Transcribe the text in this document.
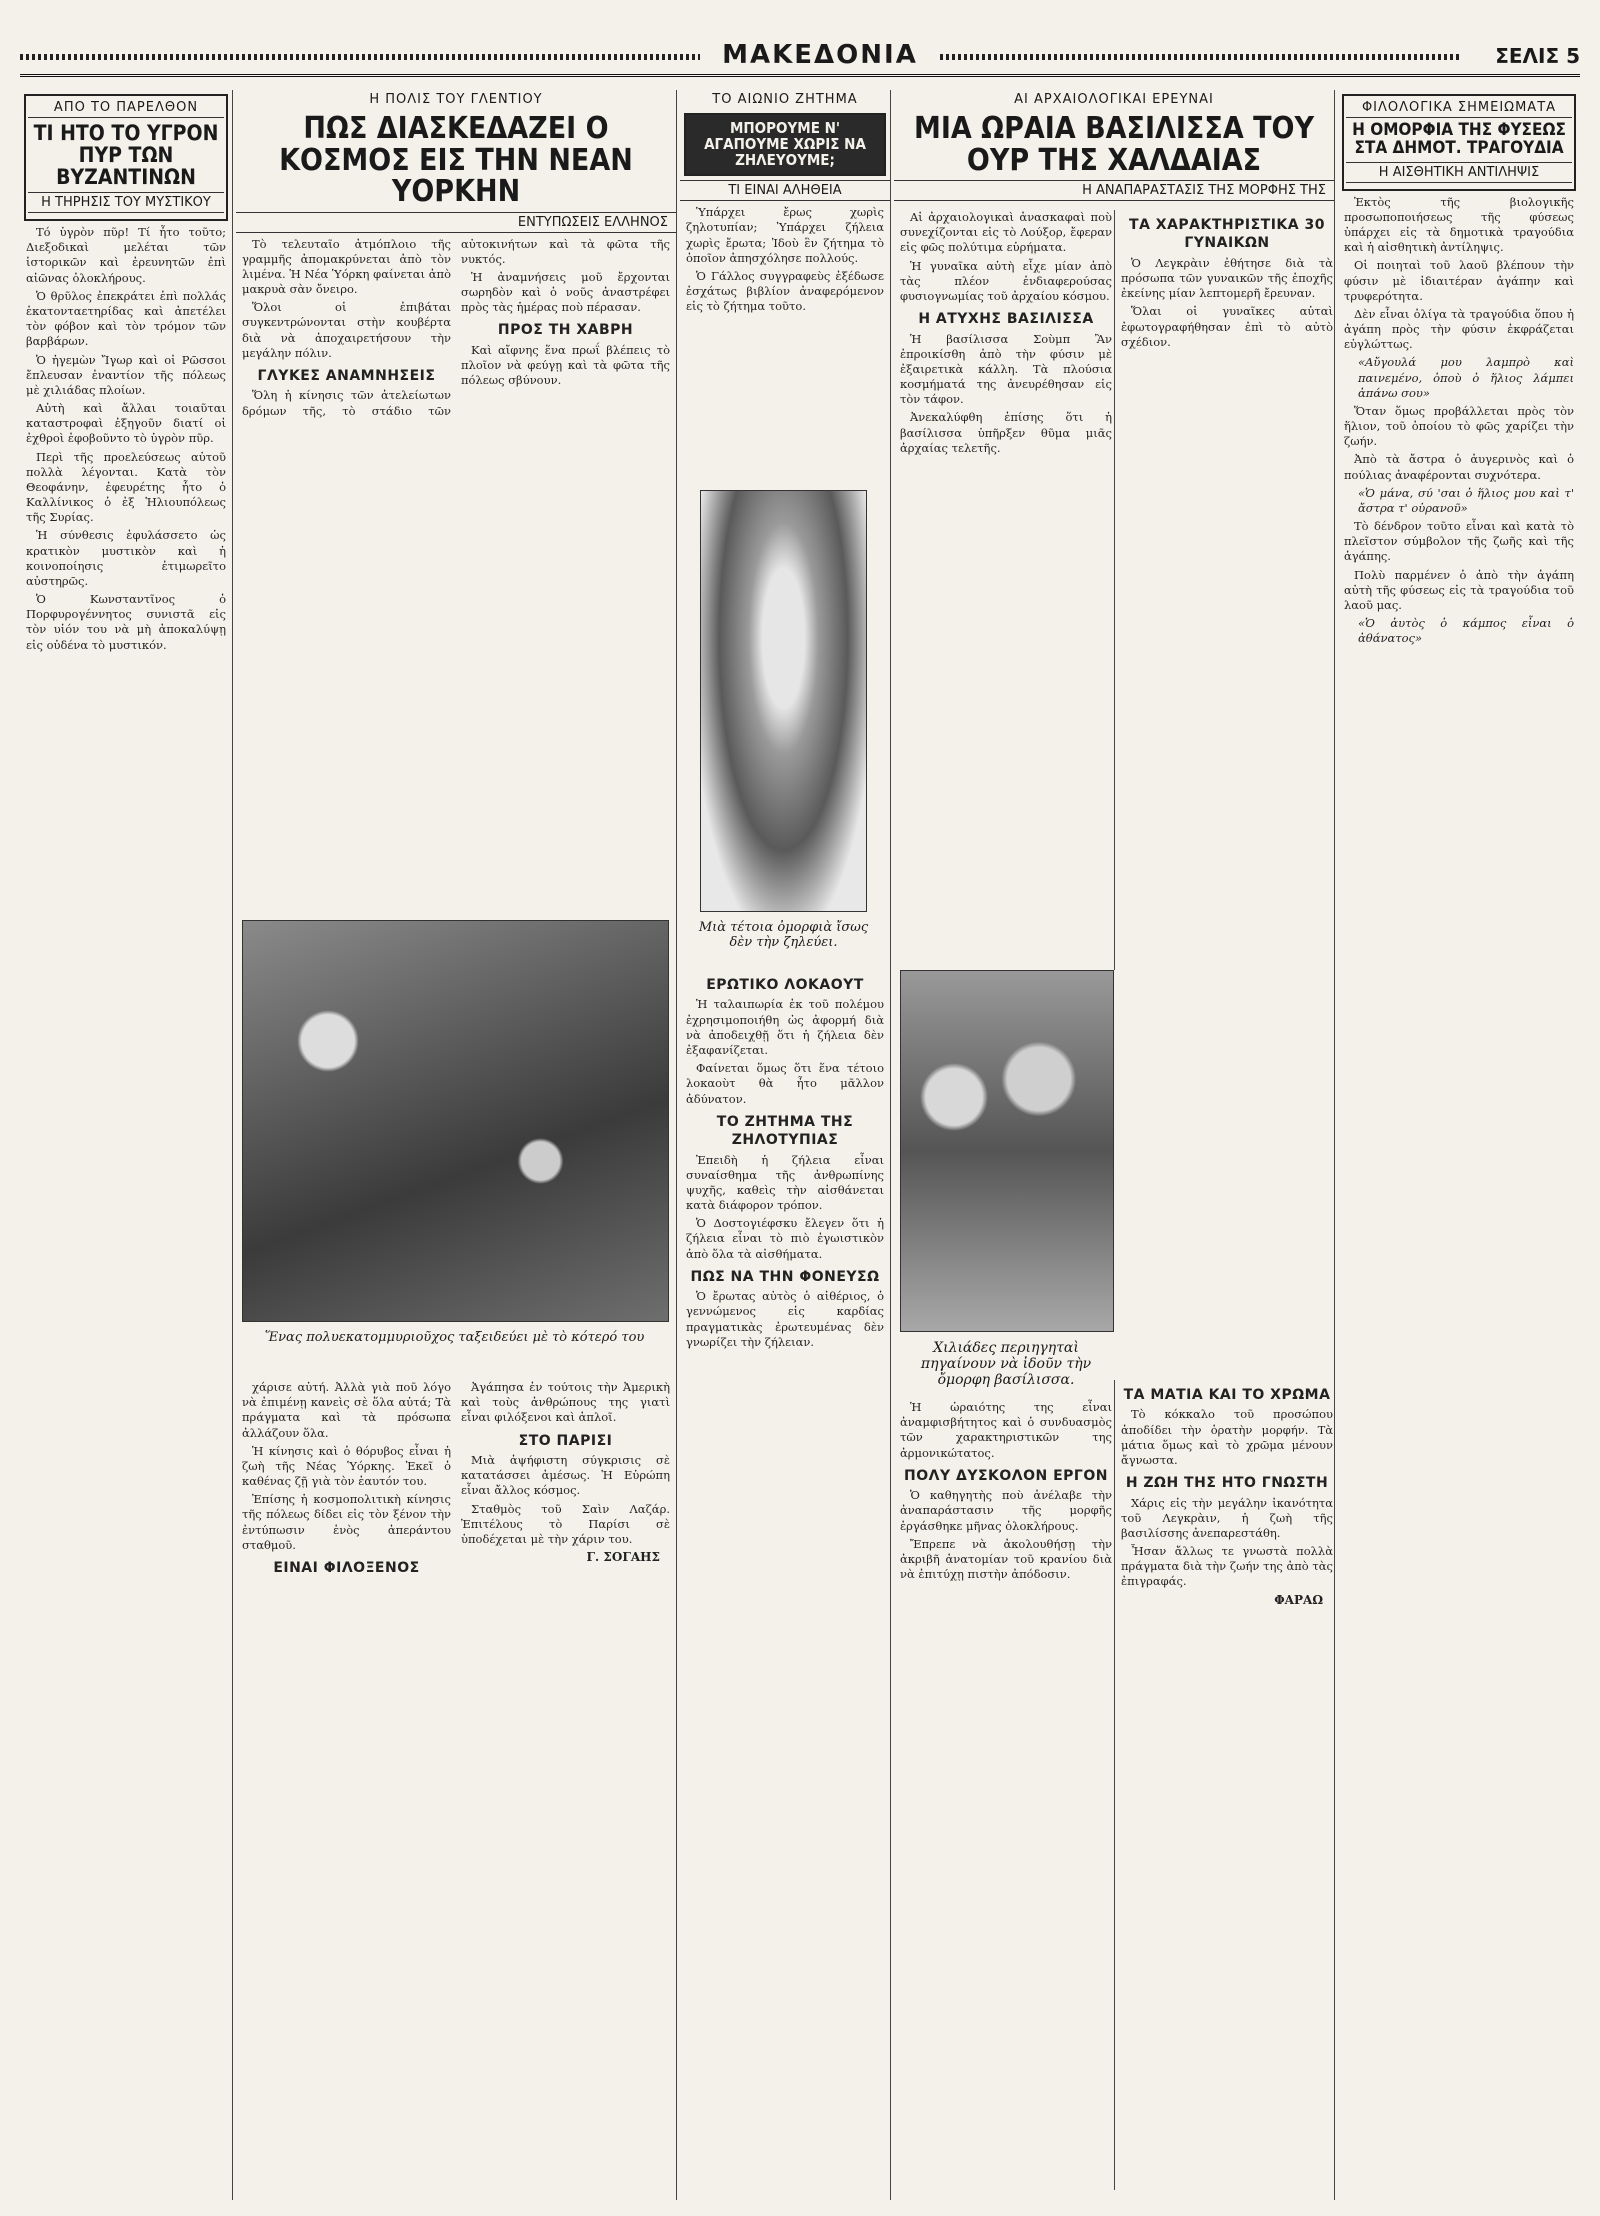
ΜΑΚΕΔΟΝΙΑ	ΣΕΛΙΣ 5
ΑΠΟ ΤΟ ΠΑΡΕΛΘΟΝ
ΤΙ ΗΤΟ ΤΟ ΥΓΡΟΝ ΠΥΡ ΤΩΝ ΒΥΖΑΝΤΙΝΩΝ
Η ΤΗΡΗΣΙΣ ΤΟΥ ΜΥΣΤΙΚΟΥ

Τό ὑγρὸν πῦρ! Τί ἦτο τοῦτο; Διεξοδικαὶ μελέται τῶν ἱστορικῶν καὶ ἐρευνητῶν ἐπὶ αἰῶνας ὁλοκλήρους.

Ὁ θρῦλος ἐπεκράτει ἐπὶ πολλάς ἑκατονταετηρίδας καὶ ἀπετέλει τὸν φόβον καὶ τὸν τρόμον τῶν βαρβάρων.

Ὁ ἡγεμὼν Ἴγωρ καὶ οἱ Ρῶσσοι ἔπλευσαν ἐναντίον τῆς πόλεως μὲ χιλιάδας πλοίων.

Αὐτὴ καὶ ἄλλαι τοιαῦται καταστροφαὶ ἐξηγοῦν διατί οἱ ἐχθροὶ ἐφοβοῦντο τὸ ὑγρὸν πῦρ.

Περὶ τῆς προελεύσεως αὐτοῦ πολλὰ λέγονται. Κατὰ τὸν Θεοφάνην, ἐφευρέτης ἦτο ὁ Καλλίνικος ὁ ἐξ Ἡλιουπόλεως τῆς Συρίας.

Ἡ σύνθεσις ἐφυλάσσετο ὡς κρατικὸν μυστικὸν καὶ ἡ κοινοποίησις ἐτιμωρεῖτο αὐστηρῶς.

Ὁ Κωνσταντῖνος ὁ Πορφυρογέννητος συνιστᾶ εἰς τὸν υἱόν του νὰ μὴ ἀποκαλύψῃ εἰς οὐδένα τὸ μυστικόν.

Η ΠΟΛΙΣ ΤΟΥ ΓΛΕΝΤΙΟΥ
ΠΩΣ ΔΙΑΣΚΕΔΑΖΕΙ Ο ΚΟΣΜΟΣ ΕΙΣ ΤΗΝ ΝΕΑΝ ΥΟΡΚΗΝ
ΕΝΤΥΠΩΣΕΙΣ ΕΛΛΗΝΟΣ

Τὸ τελευταῖο ἀτμόπλοιο τῆς γραμμῆς ἀπομακρύνεται ἀπὸ τὸν λιμένα. Ἡ Νέα Ὑόρκη φαίνεται ἀπὸ μακρυὰ σὰν ὄνειρο.

Ὅλοι οἱ ἐπιβάται συγκεντρώνονται στὴν κουβέρτα διὰ νὰ ἀποχαιρετήσουν τὴν μεγάλην πόλιν.

ΓΛΥΚΕΣ ΑΝΑΜΝΗΣΕΙΣ

Ὅλη ἡ κίνησις τῶν ἀτελείωτων δρόμων τῆς, τὸ στάδιο τῶν αὐτοκινήτων καὶ τὰ φῶτα τῆς νυκτός.

Ἡ ἀναμνήσεις μοῦ ἔρχονται σωρηδὸν καὶ ὁ νοῦς ἀναστρέφει πρὸς τὰς ἡμέρας ποὺ πέρασαν.

ΠΡΟΣ ΤΗ ΧΑΒΡΗ

Καὶ αἴφνης ἕνα πρωΐ βλέπεις τὸ πλοῖον νὰ φεύγῃ καὶ τὰ φῶτα τῆς πόλεως σβύνουν.

Ἕνας πολυεκατομμυριοῦχος ταξειδεύει μὲ τὸ κότερό του

χάρισε αὐτή. Ἀλλὰ γιὰ ποῦ λόγο νὰ ἐπιμένῃ κανεὶς σὲ ὅλα αὐτά; Τὰ πράγματα καὶ τὰ πρόσωπα ἀλλάζουν ὅλα.

Ἡ κίνησις καὶ ὁ θόρυβος εἶναι ἡ ζωὴ τῆς Νέας Ὑόρκης. Ἐκεῖ ὁ καθένας ζῇ γιὰ τὸν ἑαυτόν του.

Ἐπίσης ἡ κοσμοπολιτικὴ κίνησις τῆς πόλεως δίδει εἰς τὸν ξένον τὴν ἐντύπωσιν ἑνὸς ἀπεράντου σταθμοῦ.

ΕΙΝΑΙ ΦΙΛΟΞΕΝΟΣ

Ἀγάπησα ἐν τούτοις τὴν Ἀμερικὴ καὶ τοὺς ἀνθρώπους της γιατὶ εἶναι φιλόξενοι καὶ ἁπλοῖ.

ΣΤΟ ΠΑΡΙΣΙ

Μιὰ ἀψήφιστη σύγκρισις σὲ κατατάσσει ἀμέσως. Ἡ Εὐρώπη εἶναι ἄλλος κόσμος.

Σταθμὸς τοῦ Σαὶν Λαζάρ. Ἐπιτέλους τὸ Παρίσι σὲ ὑποδέχεται μὲ τὴν χάριν του.

Γ. ΣΟΓΑΗΣ
ΤΟ ΑΙΩΝΙΟ ΖΗΤΗΜΑ
ΜΠΟΡΟΥΜΕ Ν' ΑΓΑΠΟΥΜΕ ΧΩΡΙΣ ΝΑ ΖΗΛΕΥΟΥΜΕ;
ΤΙ ΕΙΝΑΙ ΑΛΗΘΕΙΑ

Ὑπάρχει ἔρως χωρὶς ζηλοτυπίαν; Ὑπάρχει ζήλεια χωρὶς ἔρωτα; Ἰδοὺ ἓν ζήτημα τὸ ὁποῖον ἀπησχόλησε πολλούς.

Ὁ Γάλλος συγγραφεὺς ἐξέδωσε ἐσχάτως βιβλίον ἀναφερόμενον εἰς τὸ ζήτημα τοῦτο.

Μιὰ τέτοια ὀμορφιὰ ἴσως δὲν τὴν ζηλεύει.
ΕΡΩΤΙΚΟ ΛΟΚΑΟΥΤ

Ἡ ταλαιπωρία ἐκ τοῦ πολέμου ἐχρησιμοποιήθη ὡς ἀφορμή διὰ νὰ ἀποδειχθῇ ὅτι ἡ ζήλεια δὲν ἐξαφανίζεται.

Φαίνεται ὅμως ὅτι ἕνα τέτοιο λοκαοὺτ θὰ ἦτο μᾶλλον ἀδύνατον.

ΤΟ ΖΗΤΗΜΑ ΤΗΣ ΖΗΛΟΤΥΠΙΑΣ

Ἐπειδὴ ἡ ζήλεια εἶναι συναίσθημα τῆς ἀνθρωπίνης ψυχῆς, καθεὶς τὴν αἰσθάνεται κατὰ διάφορον τρόπον.

Ὁ Δοστογιέφσκυ ἔλεγεν ὅτι ἡ ζήλεια εἶναι τὸ πιὸ ἐγωιστικὸν ἀπὸ ὅλα τὰ αἰσθήματα.

ΠΩΣ ΝΑ ΤΗΝ ΦΟΝΕΥΣΩ

Ὁ ἔρωτας αὐτὸς ὁ αἰθέριος, ὁ γεννώμενος εἰς καρδίας πραγματικὰς ἐρωτευμένας δὲν γνωρίζει τὴν ζήλειαν.

ΑΙ ΑΡΧΑΙΟΛΟΓΙΚΑΙ ΕΡΕΥΝΑΙ
ΜΙΑ ΩΡΑΙΑ ΒΑΣΙΛΙΣΣΑ ΤΟΥ ΟΥΡ ΤΗΣ ΧΑΛΔΑΙΑΣ
Η ΑΝΑΠΑΡΑΣΤΑΣΙΣ ΤΗΣ ΜΟΡΦΗΣ ΤΗΣ

Αἱ ἀρχαιολογικαὶ ἀνασκαφαὶ ποὺ συνεχίζονται εἰς τὸ Λούξορ, ἔφεραν εἰς φῶς πολύτιμα εὑρήματα.

Ἡ γυναῖκα αὐτὴ εἶχε μίαν ἀπὸ τὰς πλέον ἐνδιαφερούσας φυσιογνωμίας τοῦ ἀρχαίου κόσμου.

Η ΑΤΥΧΗΣ ΒΑΣΙΛΙΣΣΑ

Ἡ βασίλισσα Σοὺμπ Ἂν ἐπροικίσθη ἀπὸ τὴν φύσιν μὲ ἐξαιρετικὰ κάλλη. Τὰ πλούσια κοσμήματά της ἀνευρέθησαν εἰς τὸν τάφον.

Ἀνεκαλύφθη ἐπίσης ὅτι ἡ βασίλισσα ὑπῆρξεν θῦμα μιᾶς ἀρχαίας τελετῆς.

ΤΑ ΧΑΡΑΚΤΗΡΙΣΤΙΚΑ 30 ΓΥΝΑΙΚΩΝ

Ὁ Λεγκρὰιν ἐθήτησε διὰ τὰ πρόσωπα τῶν γυναικῶν τῆς ἐποχῆς ἐκείνης μίαν λεπτομερῆ ἔρευναν.

Ὅλαι οἱ γυναῖκες αὐταὶ ἐφωτογραφήθησαν ἐπὶ τὸ αὐτὸ σχέδιον.

Χιλιάδες περιηγηταὶ πηγαίνουν νὰ ἰδοῦν τὴν ὄμορφη βασίλισσα.

Ἡ ὡραιότης της εἶναι ἀναμφισβήτητος καὶ ὁ συνδυασμὸς τῶν χαρακτηριστικῶν της ἀρμονικώτατος.

ΠΟΛΥ ΔΥΣΚΟΛΟΝ ΕΡΓΟΝ

Ὁ καθηγητὴς ποὺ ἀνέλαβε τὴν ἀναπαράστασιν τῆς μορφῆς ἐργάσθηκε μῆνας ὁλοκλήρους.

Ἔπρεπε νὰ ἀκολουθήσῃ τὴν ἀκριβῆ ἀνατομίαν τοῦ κρανίου διὰ νὰ ἐπιτύχῃ πιστὴν ἀπόδοσιν.

ΤΑ ΜΑΤΙΑ ΚΑΙ ΤΟ ΧΡΩΜΑ

Τὸ κόκκαλο τοῦ προσώπου ἀποδίδει τὴν ὁρατὴν μορφήν. Τὰ μάτια ὅμως καὶ τὸ χρῶμα μένουν ἄγνωστα.

Η ΖΩΗ ΤΗΣ ΗΤΟ ΓΝΩΣΤΗ

Χάρις εἰς τὴν μεγάλην ἱκανότητα τοῦ Λεγκρὰιν, ἡ ζωὴ τῆς βασιλίσσης ἀνεπαρεστάθη.

Ἦσαν ἄλλως τε γνωστὰ πολλὰ πράγματα διὰ τὴν ζωήν της ἀπὸ τὰς ἐπιγραφάς.

ΦΑΡΑΩ
ΦΙΛΟΛΟΓΙΚΑ ΣΗΜΕΙΩΜΑΤΑ
Η ΟΜΟΡΦΙΑ ΤΗΣ ΦΥΣΕΩΣ ΣΤΑ ΔΗΜΟΤ. ΤΡΑΓΟΥΔΙΑ
Η ΑΙΣΘΗΤΙΚΗ ΑΝΤΙΛΗΨΙΣ

Ἐκτὸς τῆς βιολογικῆς προσωποποιήσεως τῆς φύσεως ὑπάρχει εἰς τὰ δημοτικὰ τραγούδια καὶ ἡ αἰσθητικὴ ἀντίληψις.

Οἱ ποιηταὶ τοῦ λαοῦ βλέπουν τὴν φύσιν μὲ ἰδιαιτέραν ἀγάπην καὶ τρυφερότητα.

Δὲν εἶναι ὀλίγα τὰ τραγούδια ὅπου ἡ ἀγάπη πρὸς τὴν φύσιν ἐκφράζεται εὐγλώττως.

«Αὔγουλά μου λαμπρὸ καὶ παινεμένο, ὁποὺ ὁ ἥλιος λάμπει ἀπάνω σου»

Ὅταν ὅμως προβάλλεται πρὸς τὸν ἥλιον, τοῦ ὁποίου τὸ φῶς χαρίζει τὴν ζωήν.

Ἀπὸ τὰ ἄστρα ὁ ἀυγερινὸς καὶ ὁ πούλιας ἀναφέρονται συχνότερα.

«Ὁ μάνα, σύ 'σαι ὁ ἥλιος μου καὶ τ' ἄστρα τ' οὐρανοῦ»

Τὸ δένδρον τοῦτο εἶναι καὶ κατὰ τὸ πλεῖστον σύμβολον τῆς ζωῆς καὶ τῆς ἀγάπης.

Πολὺ παρμένεν ὁ ἀπὸ τὴν ἀγάπη αὐτὴ τῆς φύσεως εἰς τὰ τραγούδια τοῦ λαοῦ μας.

«Ὁ ἀυτὸς ὁ κάμπος εἶναι ὁ ἀθάνατος»
